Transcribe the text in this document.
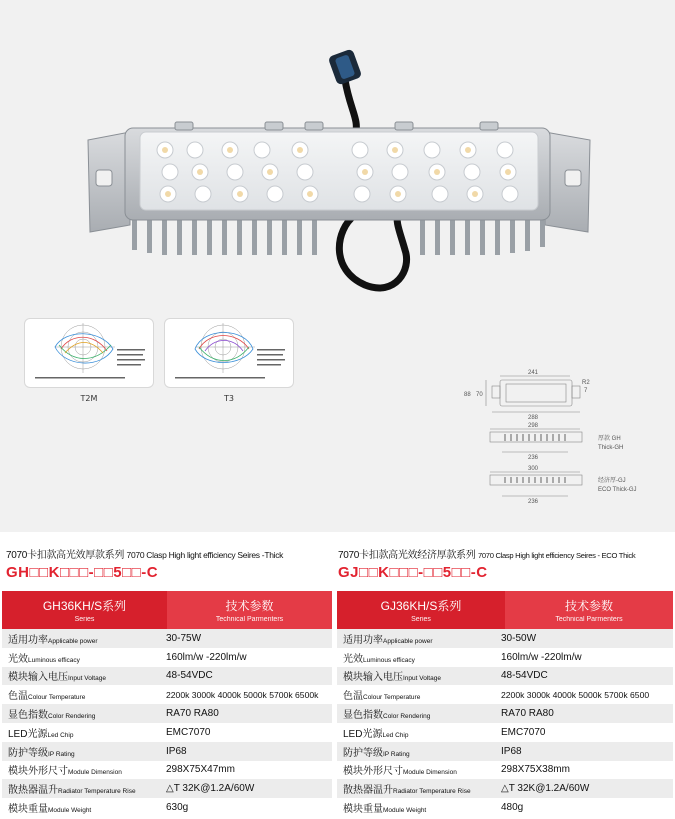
T2M	T3
241
288
70
88
R2
7
298
236
厚款 GH
Thick-GH
300
236
经济厚-GJ
ECO Thick-GJ
7070卡扣款高光效厚款系列 7070 Clasp High light efficiency Seires -Thick
GH□□K□□□-□□5□□-C
GH36KH/S系列
Series
技术参数
Technical Parmenters
适用功率Applicable power	30-75W
光效Luminous efficacy	160lm/w -220lm/w
模块输入电压Input Voltage	48-54VDC
色温Colour Temperature	2200k 3000k 4000k 5000k 5700k 6500k
显色指数Color Rendering	RA70 RA80
LED光源Led Chip	EMC7070
防护等级IP Rating	IP68
模块外形尺寸Module Dimension	298X75X47mm
散热器温升Radiator Temperature Rise	△T 32K@1.2A/60W
模块重量Module Weight	630g
7070卡扣款高光效经济厚款系列 7070 Clasp High light efficiency Seires - ECO Thick
GJ□□K□□□-□□5□□-C
GJ36KH/S系列
Series
技术参数
Technical Parmenters
适用功率Applicable power	30-50W
光效Luminous efficacy	160lm/w -220lm/w
模块输入电压Input Voltage	48-54VDC
色温Colour Temperature	2200k 3000k 4000k 5000k 5700k 6500
显色指数Color Rendering	RA70 RA80
LED光源Led Chip	EMC7070
防护等级IP Rating	IP68
模块外形尺寸Module Dimension	298X75X38mm
散热器温升Radiator Temperature Rise	△T 32K@1.2A/60W
模块重量Module Weight	480g
